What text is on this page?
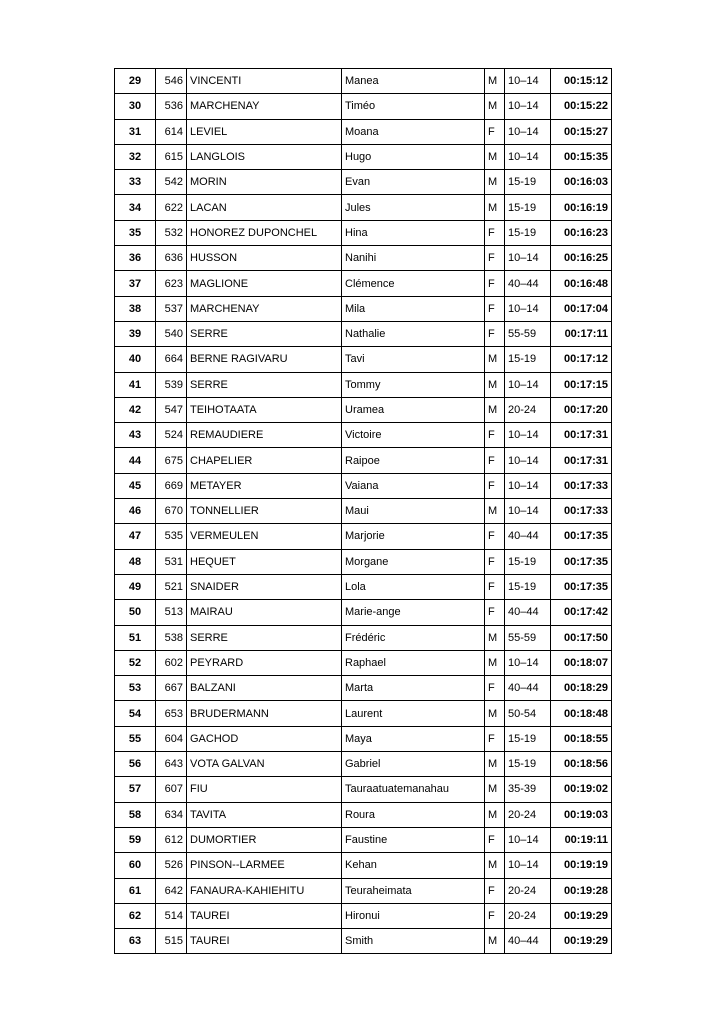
29	546	VINCENTI	Manea	M	10–14	00:15:12
30	536	MARCHENAY	Timéo	M	10–14	00:15:22
31	614	LEVIEL	Moana	F	10–14	00:15:27
32	615	LANGLOIS	Hugo	M	10–14	00:15:35
33	542	MORIN	Evan	M	15-19	00:16:03
34	622	LACAN	Jules	M	15-19	00:16:19
35	532	HONOREZ DUPONCHEL	Hina	F	15-19	00:16:23
36	636	HUSSON	Nanihi	F	10–14	00:16:25
37	623	MAGLIONE	Clémence	F	40–44	00:16:48
38	537	MARCHENAY	Mila	F	10–14	00:17:04
39	540	SERRE	Nathalie	F	55-59	00:17:11
40	664	BERNE RAGIVARU	Tavi	M	15-19	00:17:12
41	539	SERRE	Tommy	M	10–14	00:17:15
42	547	TEIHOTAATA	Uramea	M	20-24	00:17:20
43	524	REMAUDIERE	Victoire	F	10–14	00:17:31
44	675	CHAPELIER	Raipoe	F	10–14	00:17:31
45	669	METAYER	Vaiana	F	10–14	00:17:33
46	670	TONNELLIER	Maui	M	10–14	00:17:33
47	535	VERMEULEN	Marjorie	F	40–44	00:17:35
48	531	HEQUET	Morgane	F	15-19	00:17:35
49	521	SNAIDER	Lola	F	15-19	00:17:35
50	513	MAIRAU	Marie-ange	F	40–44	00:17:42
51	538	SERRE	Frédéric	M	55-59	00:17:50
52	602	PEYRARD	Raphael	M	10–14	00:18:07
53	667	BALZANI	Marta	F	40–44	00:18:29
54	653	BRUDERMANN	Laurent	M	50-54	00:18:48
55	604	GACHOD	Maya	F	15-19	00:18:55
56	643	VOTA GALVAN	Gabriel	M	15-19	00:18:56
57	607	FIU	Tauraatuatemanahau	M	35-39	00:19:02
58	634	TAVITA	Roura	M	20-24	00:19:03
59	612	DUMORTIER	Faustine	F	10–14	00:19:11
60	526	PINSON--LARMEE	Kehan	M	10–14	00:19:19
61	642	FANAURA-KAHIEHITU	Teuraheimata	F	20-24	00:19:28
62	514	TAUREI	Hironui	F	20-24	00:19:29
63	515	TAUREI	Smith	M	40–44	00:19:29
